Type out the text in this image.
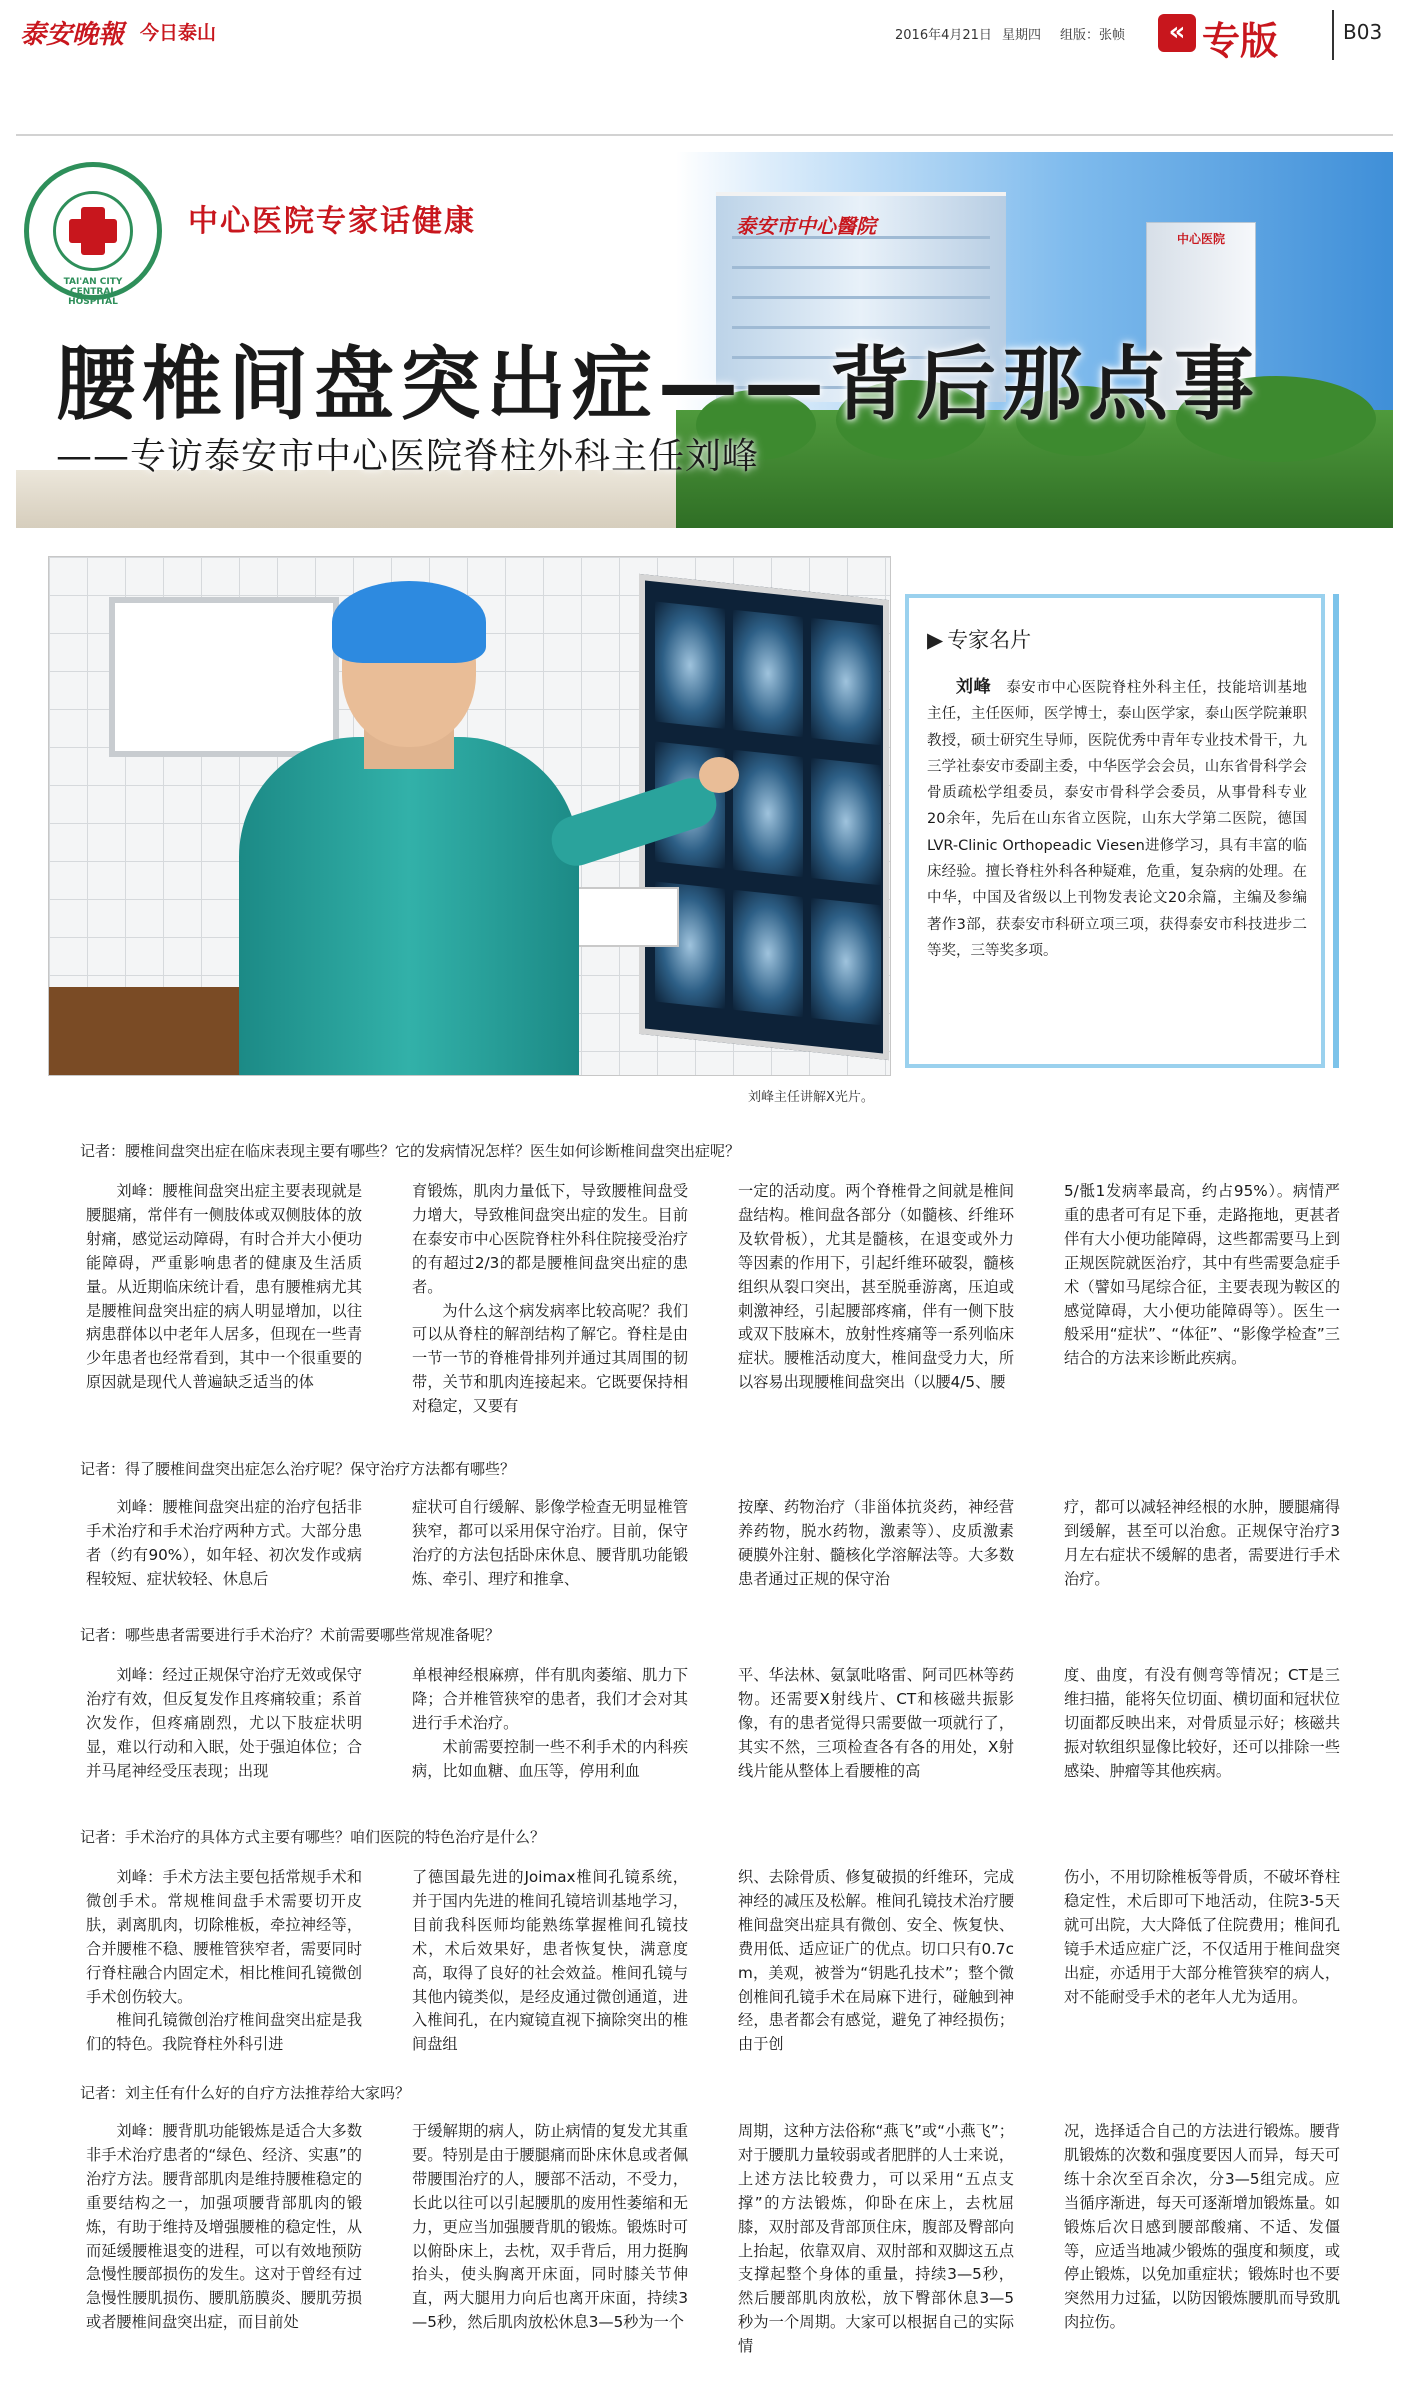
泰安晚報 今日泰山	2016年4月21日 星期四 组版：张帧	« 专版	B03
泰安市中心醫院
中心医院
TAI'AN CITY CENTRAL HOSPITAL
中心医院专家话健康
腰椎间盘突出症——背后那点事
——专访泰安市中心医院脊柱外科主任刘峰
刘峰主任讲解X光片。
▶ 专家名片
刘峰　 泰安市中心医院脊柱外科主任，技能培训基地主任，主任医师，医学博士，泰山医学家，泰山医学院兼职教授，硕士研究生导师，医院优秀中青年专业技术骨干，九三学社泰安市委副主委，中华医学会会员，山东省骨科学会骨质疏松学组委员，泰安市骨科学会委员，从事骨科专业20余年，先后在山东省立医院，山东大学第二医院，德国LVR-Clinic Orthopeadic Viesen进修学习，具有丰富的临床经验。擅长脊柱外科各种疑难，危重，复杂病的处理。在中华，中国及省级以上刊物发表论文20余篇，主编及参编著作3部，获泰安市科研立项三项，获得泰安市科技进步二等奖，三等奖多项。
记者：腰椎间盘突出症在临床表现主要有哪些？它的发病情况怎样？医生如何诊断椎间盘突出症呢？

刘峰：腰椎间盘突出症主要表现就是腰腿痛，常伴有一侧肢体或双侧肢体的放射痛，感觉运动障碍，有时合并大小便功能障碍，严重影响患者的健康及生活质量。从近期临床统计看，患有腰椎病尤其是腰椎间盘突出症的病人明显增加，以往病患群体以中老年人居多，但现在一些青少年患者也经常看到，其中一个很重要的原因就是现代人普遍缺乏适当的体

育锻炼，肌肉力量低下，导致腰椎间盘受力增大，导致椎间盘突出症的发生。目前在泰安市中心医院脊柱外科住院接受治疗的有超过2/3的都是腰椎间盘突出症的患者。

为什么这个病发病率比较高呢？我们可以从脊柱的解剖结构了解它。脊柱是由一节一节的脊椎骨排列并通过其周围的韧带，关节和肌肉连接起来。它既要保持相对稳定，又要有

一定的活动度。两个脊椎骨之间就是椎间盘结构。椎间盘各部分（如髓核、纤维环及软骨板），尤其是髓核，在退变或外力等因素的作用下，引起纤维环破裂，髓核组织从裂口突出，甚至脱垂游离，压迫或刺激神经，引起腰部疼痛，伴有一侧下肢或双下肢麻木，放射性疼痛等一系列临床症状。腰椎活动度大，椎间盘受力大，所以容易出现腰椎间盘突出（以腰4/5、腰

5/骶1发病率最高，约占95%）。病情严重的患者可有足下垂，走路拖地，更甚者伴有大小便功能障碍，这些都需要马上到正规医院就医治疗，其中有些需要急症手术（譬如马尾综合征，主要表现为鞍区的感觉障碍，大小便功能障碍等）。医生一般采用“症状”、“体征”、“影像学检查”三结合的方法来诊断此疾病。

记者：得了腰椎间盘突出症怎么治疗呢？保守治疗方法都有哪些？

刘峰：腰椎间盘突出症的治疗包括非手术治疗和手术治疗两种方式。大部分患者（约有90%），如年轻、初次发作或病程较短、症状较轻、休息后

症状可自行缓解、影像学检查无明显椎管狭窄，都可以采用保守治疗。目前，保守治疗的方法包括卧床休息、腰背肌功能锻炼、牵引、理疗和推拿、

按摩、药物治疗（非甾体抗炎药，神经营养药物，脱水药物，激素等）、皮质激素硬膜外注射、髓核化学溶解法等。大多数患者通过正规的保守治

疗，都可以减轻神经根的水肿，腰腿痛得到缓解，甚至可以治愈。正规保守治疗3月左右症状不缓解的患者，需要进行手术治疗。

记者：哪些患者需要进行手术治疗？术前需要哪些常规准备呢？

刘峰：经过正规保守治疗无效或保守治疗有效，但反复发作且疼痛较重；系首次发作，但疼痛剧烈，尤以下肢症状明显，难以行动和入眠，处于强迫体位；合并马尾神经受压表现；出现

单根神经根麻痹，伴有肌肉萎缩、肌力下降；合并椎管狭窄的患者，我们才会对其进行手术治疗。

术前需要控制一些不利手术的内科疾病，比如血糖、血压等，停用利血

平、华法林、氨氯吡咯雷、阿司匹林等药物。还需要X射线片、CT和核磁共振影像，有的患者觉得只需要做一项就行了，其实不然，三项检查各有各的用处，X射线片能从整体上看腰椎的高

度、曲度，有没有侧弯等情况；CT是三维扫描，能将矢位切面、横切面和冠状位切面都反映出来，对骨质显示好；核磁共振对软组织显像比较好，还可以排除一些感染、肿瘤等其他疾病。

记者：手术治疗的具体方式主要有哪些？咱们医院的特色治疗是什么？

刘峰：手术方法主要包括常规手术和微创手术。常规椎间盘手术需要切开皮肤，剥离肌肉，切除椎板，牵拉神经等，合并腰椎不稳、腰椎管狭窄者，需要同时行脊柱融合内固定术，相比椎间孔镜微创手术创伤较大。

椎间孔镜微创治疗椎间盘突出症是我们的特色。我院脊柱外科引进

了德国最先进的Joimax椎间孔镜系统，并于国内先进的椎间孔镜培训基地学习，目前我科医师均能熟练掌握椎间孔镜技术，术后效果好，患者恢复快，满意度高，取得了良好的社会效益。椎间孔镜与其他内镜类似，是经皮通过微创通道，进入椎间孔，在内窥镜直视下摘除突出的椎间盘组

织、去除骨质、修复破损的纤维环，完成神经的减压及松解。椎间孔镜技术治疗腰椎间盘突出症具有微创、安全、恢复快、费用低、适应证广的优点。切口只有0.7cm，美观，被誉为“钥匙孔技术”；整个微创椎间孔镜手术在局麻下进行，碰触到神经，患者都会有感觉，避免了神经损伤；由于创

伤小，不用切除椎板等骨质，不破坏脊柱稳定性，术后即可下地活动，住院3-5天就可出院，大大降低了住院费用；椎间孔镜手术适应症广泛，不仅适用于椎间盘突出症，亦适用于大部分椎管狭窄的病人，对不能耐受手术的老年人尤为适用。

记者：刘主任有什么好的自疗方法推荐给大家吗？

刘峰：腰背肌功能锻炼是适合大多数非手术治疗患者的“绿色、经济、实惠”的治疗方法。腰背部肌肉是维持腰椎稳定的重要结构之一，加强项腰背部肌肉的锻炼，有助于维持及增强腰椎的稳定性，从而延缓腰椎退变的进程，可以有效地预防急慢性腰部损伤的发生。这对于曾经有过急慢性腰肌损伤、腰肌筋膜炎、腰肌劳损或者腰椎间盘突出症，而目前处

于缓解期的病人，防止病情的复发尤其重要。特别是由于腰腿痛而卧床休息或者佩带腰围治疗的人，腰部不活动，不受力，长此以往可以引起腰肌的废用性萎缩和无力，更应当加强腰背肌的锻炼。锻炼时可以俯卧床上，去枕，双手背后，用力挺胸抬头，使头胸离开床面，同时膝关节伸直，两大腿用力向后也离开床面，持续3—5秒，然后肌肉放松休息3—5秒为一个

周期，这种方法俗称“燕飞”或“小燕飞”；对于腰肌力量较弱或者肥胖的人士来说，上述方法比较费力，可以采用“五点支撑”的方法锻炼，仰卧在床上，去枕屈膝，双肘部及背部顶住床，腹部及臀部向上抬起，依靠双肩、双肘部和双脚这五点支撑起整个身体的重量，持续3—5秒，然后腰部肌肉放松，放下臀部休息3—5秒为一个周期。大家可以根据自己的实际情

况，选择适合自己的方法进行锻炼。腰背肌锻炼的次数和强度要因人而异，每天可练十余次至百余次，分3—5组完成。应当循序渐进，每天可逐渐增加锻炼量。如锻炼后次日感到腰部酸痛、不适、发僵等，应适当地减少锻炼的强度和频度，或停止锻炼，以免加重症状；锻炼时也不要突然用力过猛，以防因锻炼腰肌而导致肌肉拉伤。
